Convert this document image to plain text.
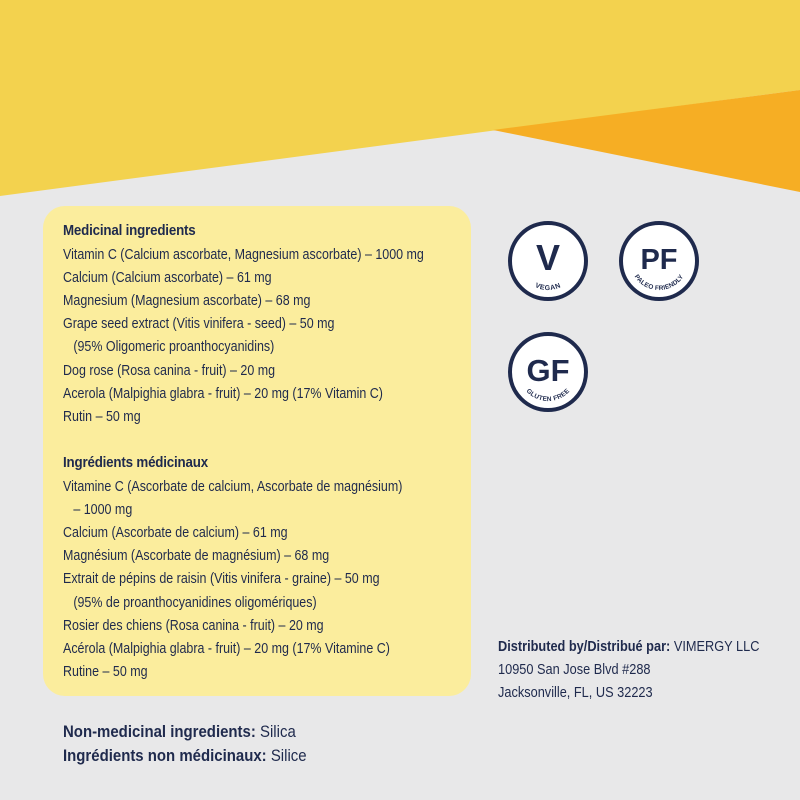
Medicinal ingredients
Vitamin C (Calcium ascorbate, Magnesium ascorbate) – 1000 mg
Calcium (Calcium ascorbate) – 61 mg
Magnesium (Magnesium ascorbate) – 68 mg
Grape seed extract (Vitis vinifera - seed) – 50 mg
(95% Oligomeric proanthocyanidins)
Dog rose (Rosa canina - fruit) – 20 mg
Acerola (Malpighia glabra - fruit) – 20 mg (17% Vitamin C)
Rutin – 50 mg
Ingrédients médicinaux
Vitamine C (Ascorbate de calcium, Ascorbate de magnésium)
– 1000 mg
Calcium (Ascorbate de calcium) – 61 mg
Magnésium (Ascorbate de magnésium) – 68 mg
Extrait de pépins de raisin (Vitis vinifera - graine) – 50 mg
(95% de proanthocyanidines oligomériques)
Rosier des chiens (Rosa canina - fruit) – 20 mg
Acérola (Malpighia glabra - fruit) – 20 mg (17% Vitamine C)
Rutine – 50 mg
V
VEGAN
PF
PALEO FRIENDLY
GF
GLUTEN FREE
Distributed by/Distribué par: VIMERGY LLC
10950 San Jose Blvd #288
Jacksonville, FL, US 32223
Non-medicinal ingredients: Silica
Ingrédients non médicinaux: Silice
